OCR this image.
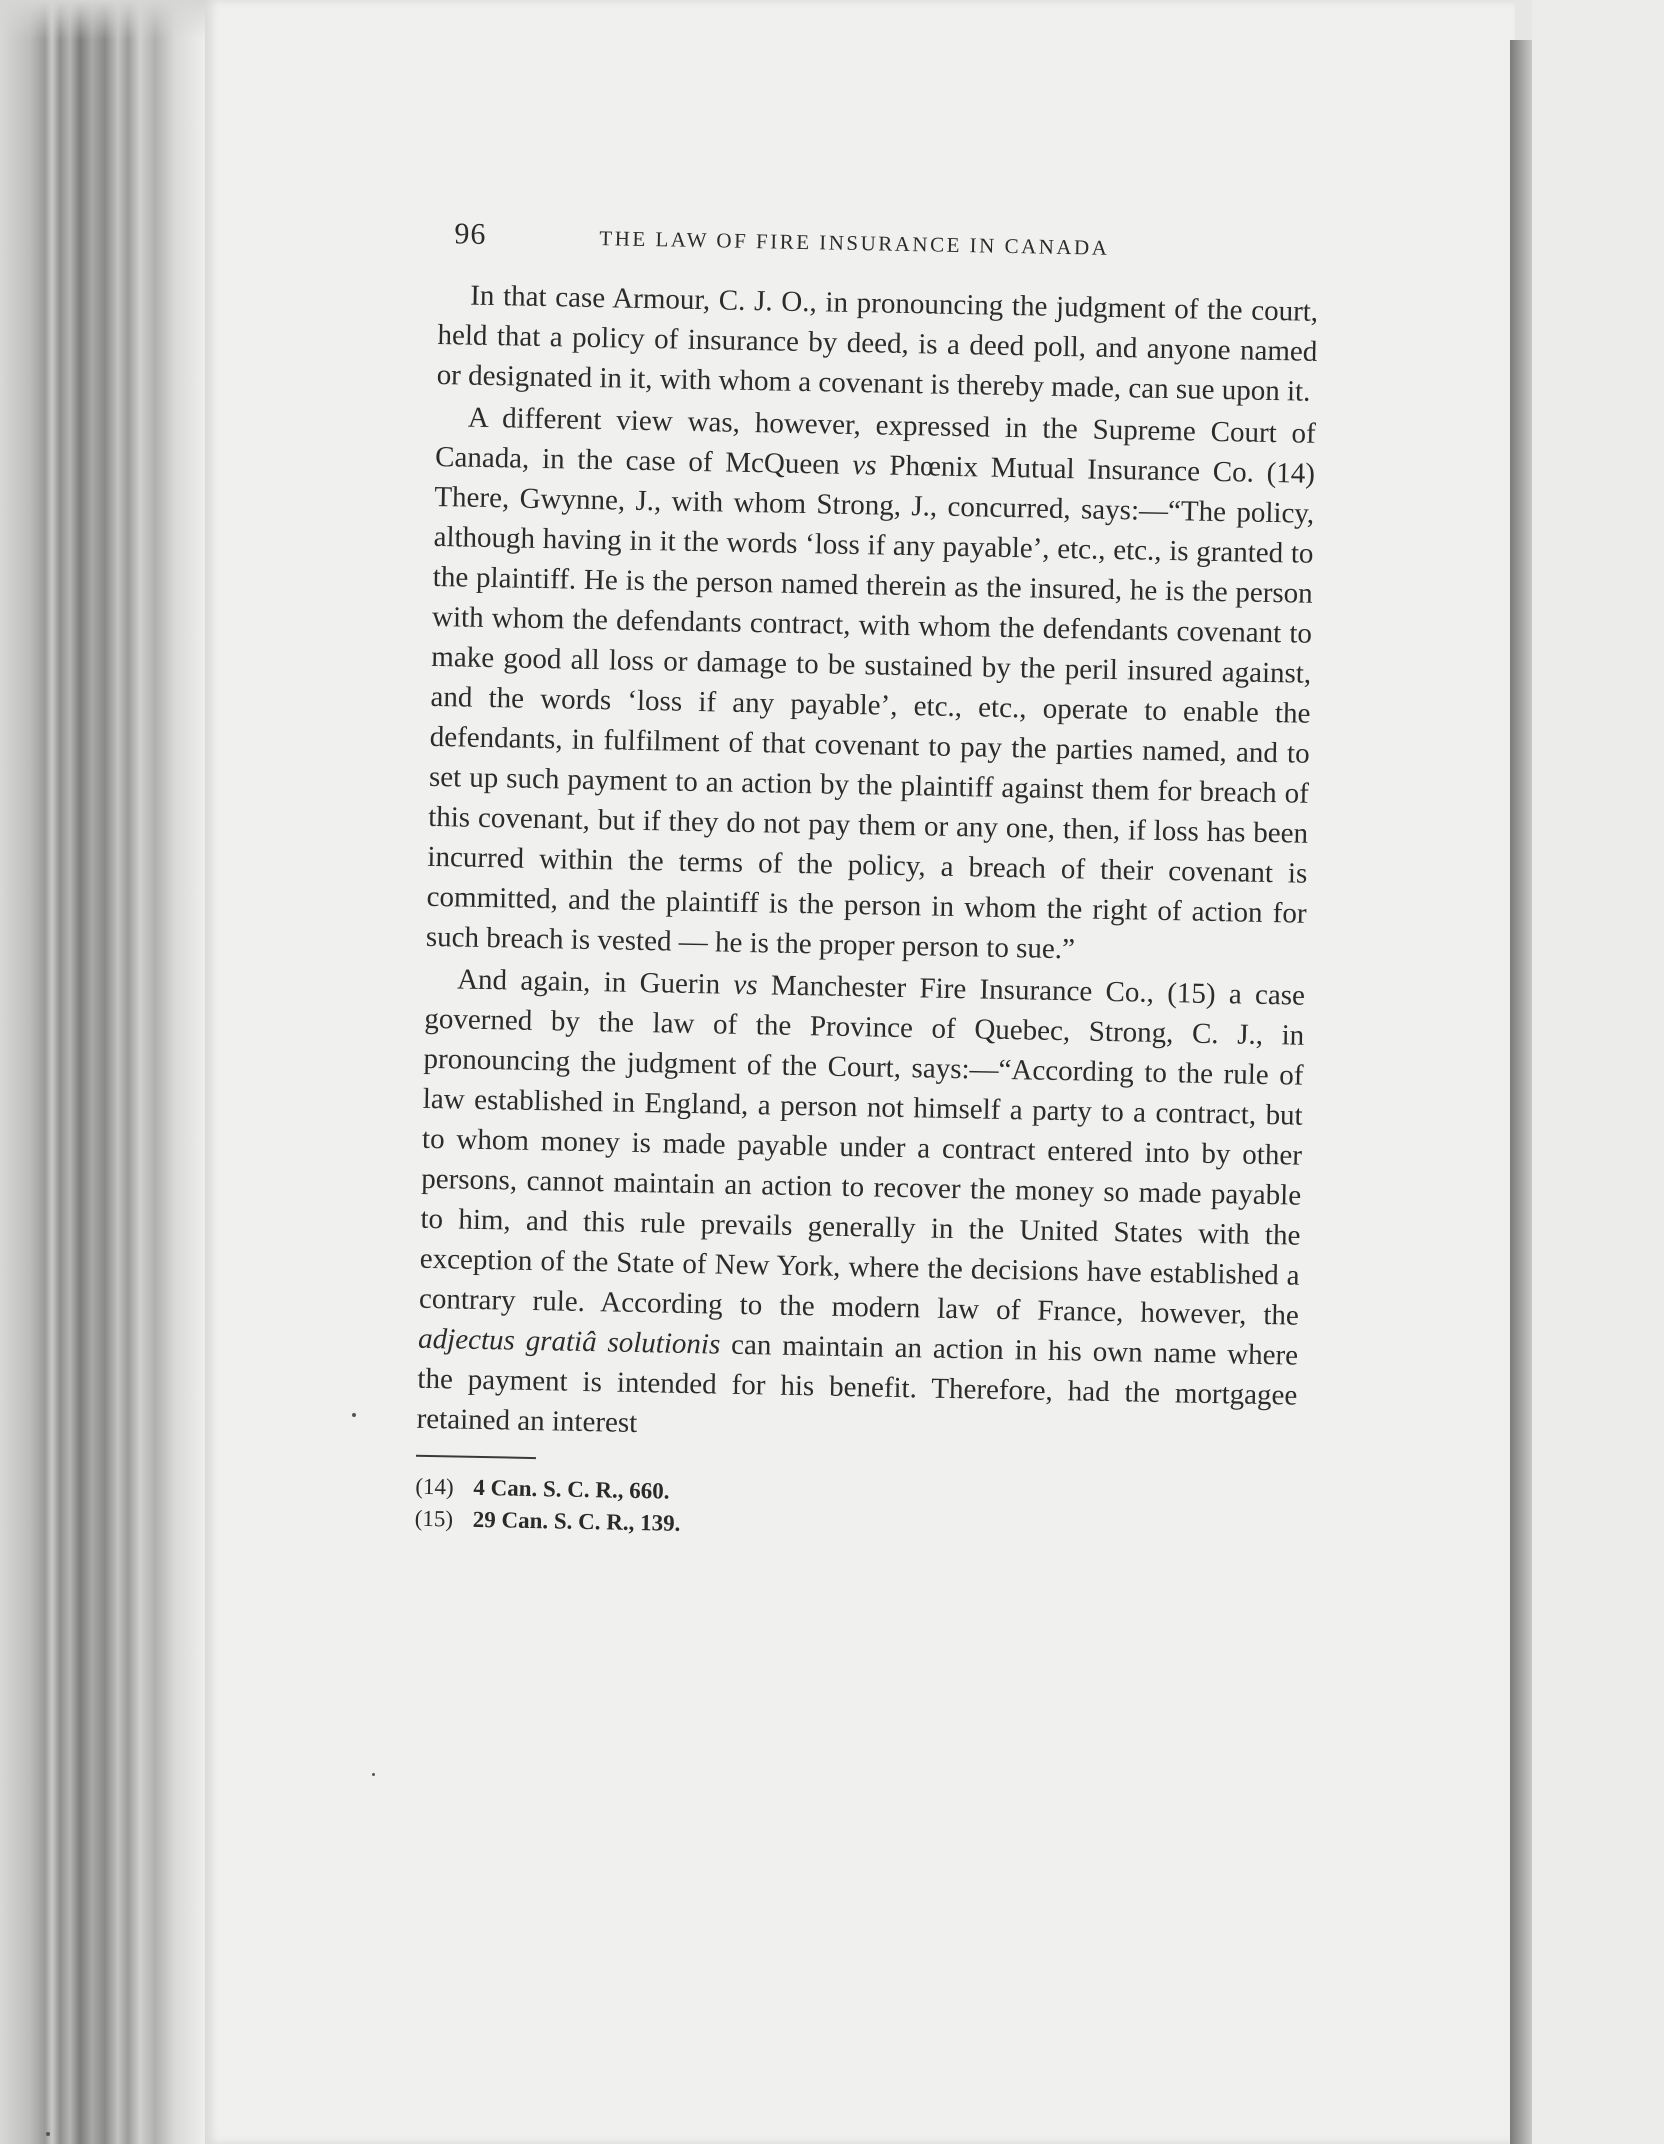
96	THE LAW OF FIRE INSURANCE IN CANADA

In that case Armour, C. J. O., in pronouncing the judgment of the court, held that a policy of insurance by deed, is a deed poll, and anyone named or designated in it, with whom a covenant is thereby made, can sue upon it.

A different view was, however, expressed in the Supreme Court of Canada, in the case of McQueen vs Phœnix Mutual Insurance Co. (14) There, Gwynne, J., with whom Strong, J., concurred, says:—“The policy, although having in it the words ‘loss if any payable’, etc., etc., is granted to the plaintiff. He is the person named therein as the insured, he is the person with whom the defendants contract, with whom the defendants covenant to make good all loss or damage to be sustained by the peril insured against, and the words ‘loss if any payable’, etc., etc., operate to enable the defendants, in fulfilment of that covenant to pay the parties named, and to set up such payment to an action by the plaintiff against them for breach of this covenant, but if they do not pay them or any one, then, if loss has been incurred within the terms of the policy, a breach of their covenant is committed, and the plaintiff is the person in whom the right of action for such breach is vested — he is the proper person to sue.”

And again, in Guerin vs Manchester Fire Insurance Co., (15) a case governed by the law of the Province of Quebec, Strong, C. J., in pronouncing the judgment of the Court, says:—“According to the rule of law established in England, a person not himself a party to a contract, but to whom money is made payable under a contract entered into by other persons, cannot maintain an action to recover the money so made payable to him, and this rule prevails generally in the United States with the exception of the State of New York, where the decisions have established a contrary rule. According to the modern law of France, however, the adjectus gratiâ solutionis can maintain an action in his own name where the payment is intended for his benefit. Therefore, had the mortgagee retained an interest

(14) 4 Can. S. C. R., 660.
(15) 29 Can. S. C. R., 139.
